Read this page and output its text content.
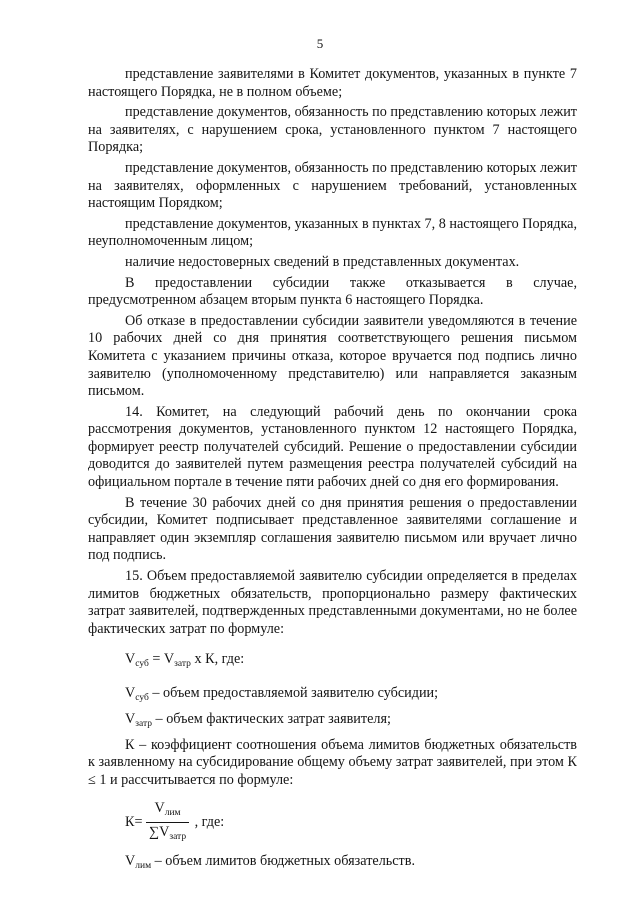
5

представление заявителями в Комитет документов, указанных в пункте 7 настоящего Порядка, не в полном объеме;

представление документов, обязанность по представлению которых лежит на заявителях, с нарушением срока, установленного пунктом 7 настоящего Порядка;

представление документов, обязанность по представлению которых лежит на заявителях, оформленных с нарушением требований, установленных настоящим Порядком;

представление документов, указанных в пунктах 7, 8 настоящего Порядка, неуполномоченным лицом;

наличие недостоверных сведений в представленных документах.

В предоставлении субсидии также отказывается в случае, предусмотренном абзацем вторым пункта 6 настоящего Порядка.

Об отказе в предоставлении субсидии заявители уведомляются в течение 10 рабочих дней со дня принятия соответствующего решения письмом Комитета с указанием причины отказа, которое вручается под подпись лично заявителю (уполномоченному представителю) или направляется заказным письмом.

14. Комитет, на следующий рабочий день по окончании срока рассмотрения документов, установленного пунктом 12 настоящего Порядка, формирует реестр получателей субсидий. Решение о предоставлении субсидии доводится до заявителей путем размещения реестра получателей субсидий на официальном портале в течение пяти рабочих дней со дня его формирования.

В течение 30 рабочих дней со дня принятия решения о предоставлении субсидии, Комитет подписывает представленное заявителями соглашение и направляет один экземпляр соглашения заявителю письмом или вручает лично под подпись.

15. Объем предоставляемой заявителю субсидии определяется в пределах лимитов бюджетных обязательств, пропорционально размеру фактических затрат заявителей, подтвержденных представленными документами, но не более фактических затрат по формуле:

$V_{суб} = V_{затр}$ х К, где:

$V_{суб}$ – объем предоставляемой заявителю субсидии;

$V_{затр}$ – объем фактических затрат заявителя;

К – коэффициент соотношения объема лимитов бюджетных обязательств к заявленному на субсидирование общему объему затрат заявителей, при этом К ≤ 1 и рассчитывается по формуле:

$К= \frac{V_{лим}}{\sum V_{затр}}$ , где:

$V_{лим}$ – объем лимитов бюджетных обязательств.
